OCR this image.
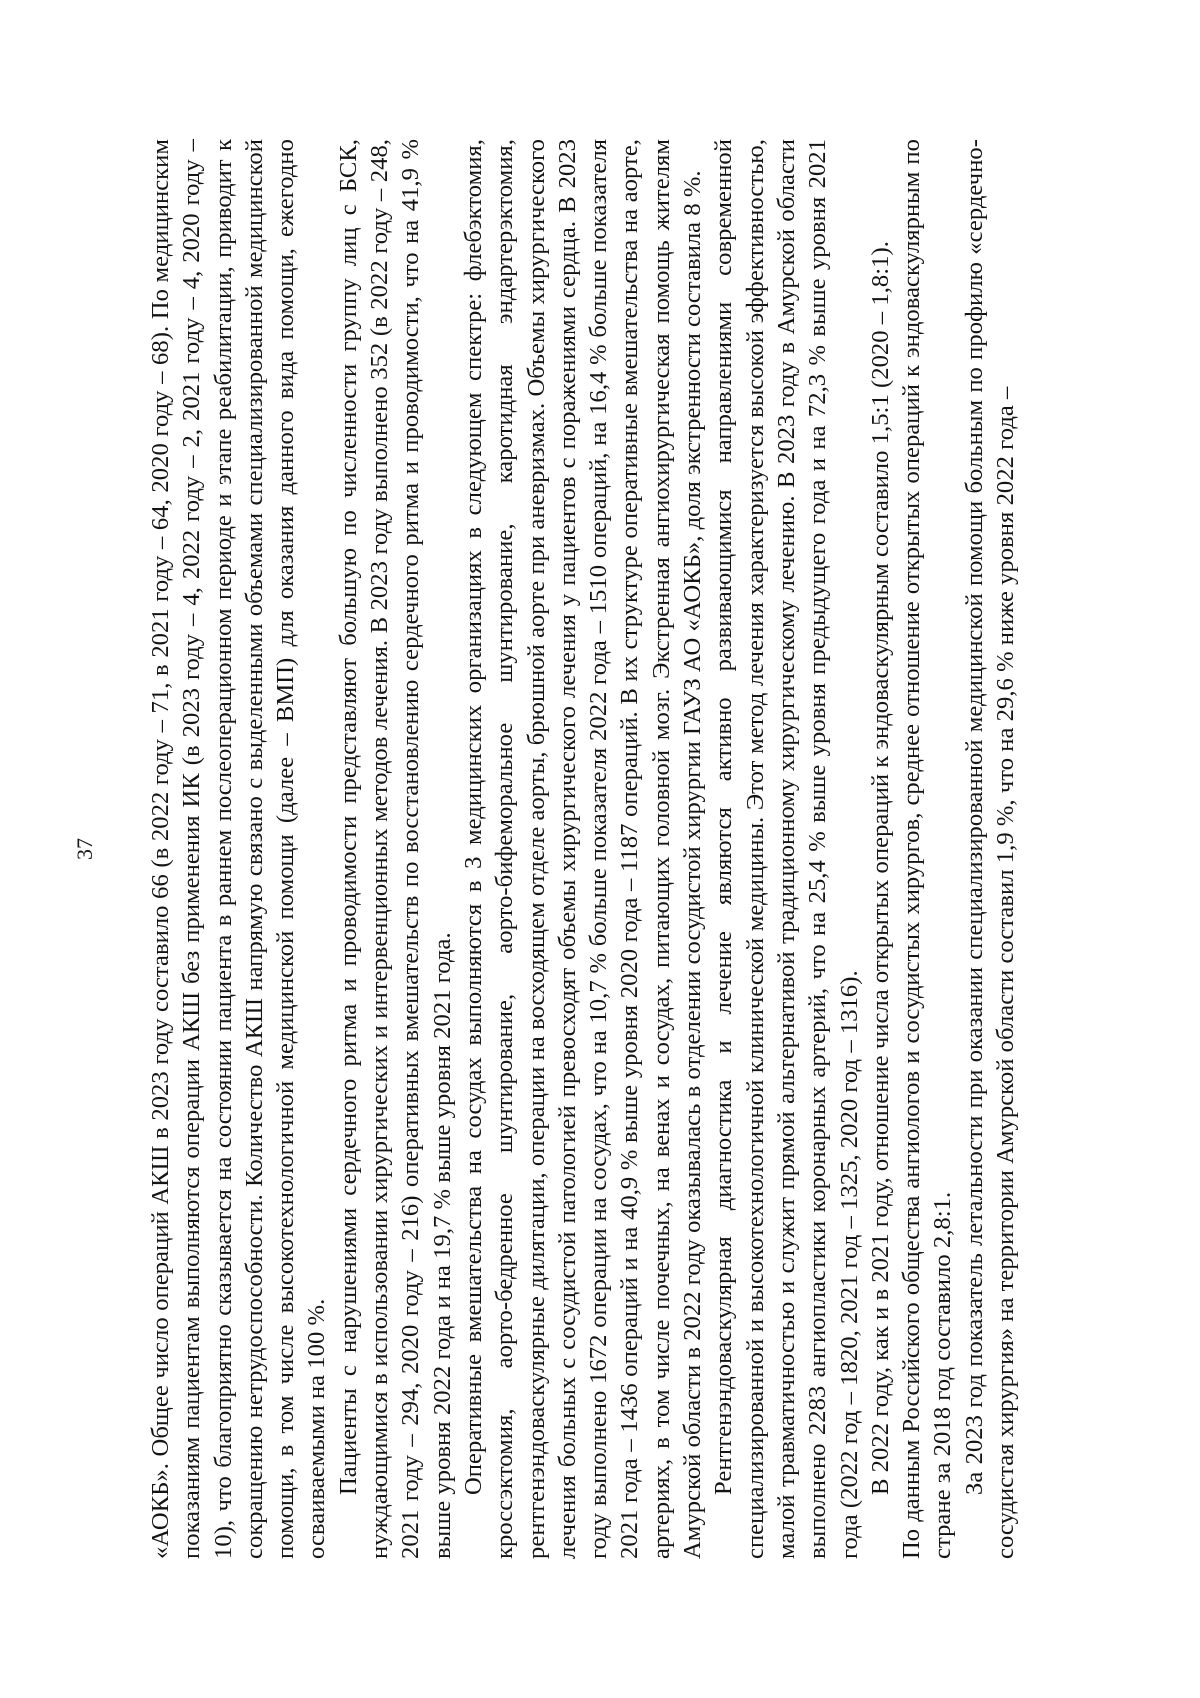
37 «АОКБ». Общее число операций АКШ в 2023 году составило 66 (в 2022 году – 71, в 2021 году – 64, 2020 году – 68). По медицинским показаниям пациентам выполняются операции АКШ без применения ИК (в 2023 году – 4, 2022 году – 2, 2021 году – 4, 2020 году – 10), что благоприятно сказывается на состоянии пациента в раннем послеоперационном периоде и этапе реабилитации, приводит к сокращению нетрудоспособности. Количество АКШ напрямую связано с выделенными объемами специализированной медицинской помощи, в том числе высокотехнологичной медицинской помощи (далее – ВМП) для оказания данного вида помощи, ежегодно осваиваемыми на 100 %. Пациенты с нарушениями сердечного ритма и проводимости представляют большую по численности группу лиц с БСК, нуждающимися в использовании хирургических и интервенционных методов лечения. В 2023 году выполнено 352 (в 2022 году – 248, 2021 году – 294, 2020 году – 216) оперативных вмешательств по восстановлению сердечного ритма и проводимости, что на 41,9 % выше уровня 2022 года и на 19,7 % выше уровня 2021 года. Оперативные вмешательства на сосудах выполняются в 3 медицинских организациях в следующем спектре: флебэктомия, кроссэктомия, аорто-бедренное шунтирование, аорто-бифеморальное шунтирование, каротидная эндартерэктомия, рентгенэндоваскулярные дилятации, операции на восходящем отделе аорты, брюшной аорте при аневризмах. Объемы хирургического лечения больных с сосудистой патологией превосходят объемы хирургического лечения у пациентов с поражениями сердца. В 2023 году выполнено 1672 операции на сосудах, что на 10,7 % больше показателя 2022 года – 1510 операций, на 16,4 % больше показателя 2021 года – 1436 операций и на 40,9 % выше уровня 2020 года – 1187 операций. В их структуре оперативные вмешательства на аорте, артериях, в том числе почечных, на венах и сосудах, питающих головной мозг. Экстренная ангиохирургическая помощь жителям Амурской области в 2022 году оказывалась в отделении сосудистой хирургии ГАУЗ АО «АОКБ», доля экстренности составила 8 %. Рентгенэндоваскулярная диагностика и лечение являются активно развивающимися направлениями современной специализированной и высокотехнологичной клинической медицины. Этот метод лечения характеризуется высокой эффективностью, малой травматичностью и служит прямой альтернативой традиционному хирургическому лечению. В 2023 году в Амурской области выполнено 2283 ангиопластики коронарных артерий, что на 25,4 % выше уровня предыдущего года и на 72,3 % выше уровня 2021 года (2022 год – 1820, 2021 год – 1325, 2020 год – 1316). В 2022 году, как и в 2021 году, отношение числа открытых операций к эндоваскулярным составило 1,5:1 (2020 – 1,8:1). По данным Российского общества ангиологов и сосудистых хирургов, среднее отношение открытых операций к эндоваскулярным по стране за 2018 год составило 2,8:1. За 2023 год показатель летальности при оказании специализированной медицинской помощи больным по профилю «сердечно-сосудистая хирургия» на территории Амурской области составил 1,9 %, что на 29,6 % ниже уровня 2022 года –
